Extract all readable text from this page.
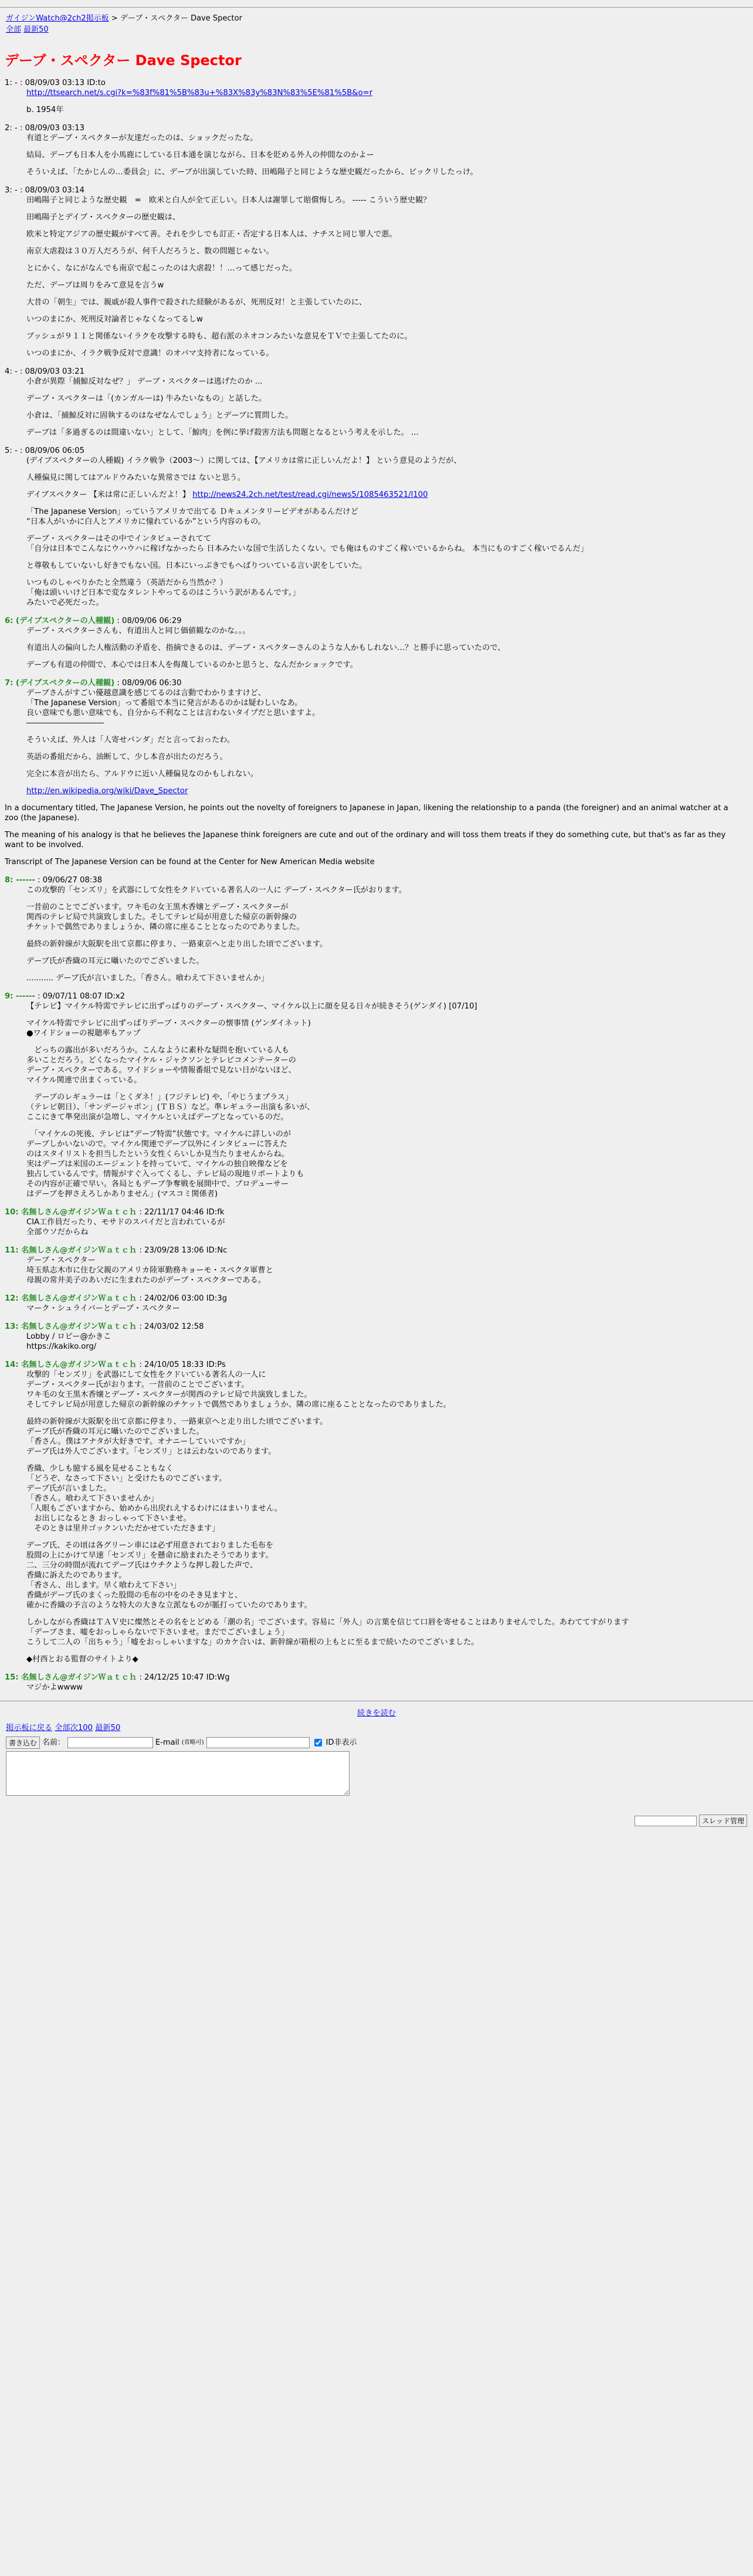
ガイジンWatch@2ch2掲示板 > デーブ・スペクター Dave Spector
全部 最新50
デーブ・スペクター Dave Spector
1: - : 08/09/03 03:13 ID:to
http://ttsearch.net/s.cgi?k=%83f%81%5B%83u+%83X%83y%83N%83%5E%81%5B&o=r
b. 1954年
2: - : 08/09/03 03:13
有道とデーブ・スペクターが友達だったのは、ショックだったな。
結局、デーブも日本人を小馬鹿にしている日本通を演じながら、日本を貶める外人の仲間なのかよー
そういえば、「たかじんの…委員会」に、デーブが出演していた時、田嶋陽子と同じような歴史観だったから、ビックリしたっけ。
3: - : 08/09/03 03:14
田嶋陽子と同じような歴史観　=　欧米と白人が全て正しい。日本人は謝罪して賠償悔しろ。 ----- こういう歴史観？
田嶋陽子とデイブ・スペクターの歴史観は、
欧米と特定アジアの歴史観がすべて善。それを少しでも訂正・否定する日本人は、ナチスと同じ罪人で悪。
南京大虐殺は３０万人だろうが、何千人だろうと、数の問題じゃない。
とにかく、なにがなんでも南京で起こったのは大虐殺！！…って感じだった。
ただ、デーブは周りをみて意見を言うw
大昔の「朝生」では、親戚が殺人事件で殺された経験があるが、死刑反対！と主張していたのに、
いつのまにか、死刑反対論者じゃなくなってるしw
ブッシュが９１１と関係ないイラクを攻撃する時も、超右派のネオコンみたいな意見をＴＶで主張してたのに。
いつのまにか、イラク戦争反対で意識！のオバマ支持者になっている。
4: - : 08/09/03 03:21
小倉が異際「捕鯨反対なぜ？」 デーブ・スペクターは逃げたのか ...
デーブ・スペクターは「(カンガルーは) 牛みたいなもの」と話した。
小倉は、「捕鯨反対に固執するのはなぜなんでしょう」とデーブに質問した。
デーブは「多過ぎるのは間違いない」として、「鯨肉」を例に挙げ殺害方法も問題となるという考えを示した。 ...
5: - : 08/09/06 06:05
(デイブスペクターの人種観) イラク戦争（2003〜）に関しては、【アメリカは常に正しいんだよ！】 という意見のようだが、
人種偏見に関してはアルドウみたいな異常さでは ないと思う。
デイブスペクター 【米は常に正しいんだよ！】 http://news24.2ch.net/test/read.cgi/news5/1085463521/l100
「The Japanese Version」っていうアメリカで出てる Ｄキュメンタリーピデオがあるんだけど
“日本人がいかに白人とアメリカに憧れているか”という内容のもの。
デーブ・スペクターはその中でインタビューされてて
「自分は日本でこんなにウハウハに稼げなかったら 日本みたいな国で生活したくない。でも俺はものすごく稼いでいるからね。 本当にものすごく稼いでるんだ」
と尊敬もしていないし好きでもない国。日本にいっぷきでもへばりついている言い訳をしていた。
いつものしゃべりかたと全然違う（英語だから当然か？）
「俺は頭いいけど日本で変なタレントやってるのはこういう訳があるんです。」
みたいで必死だった。
6: (デイブスペクターの人種観) : 08/09/06 06:29
デーブ・スペクターさんも、有道出人と同じ価値観なのかな。。。
有道出人の偏向した人権活動の矛盾を、指摘できるのは、デーブ・スペクターさんのような人かもしれない…？と勝手に思っていたので、
デーブも有道の仲間で、本心では日本人を侮蔑しているのかと思うと、なんだかショックです。
7: (デイブスペクターの人種観) : 08/09/06 06:30
デーブさんがすごい優越意識を感じてるのは言動でわかりますけど、
「The Japanese Version」って番組で本当に発言があるのかは疑わしいなあ。
良い意味でも悪い意味でも、自分から不利なことは言わないタイプだと思いますよ。
――――――――――
そういえば、外人は「人寄せパンダ」だと言っておったわ。
英語の番組だから、油断して、少し本音が出たのだろう。
完全に本音が出たら、アルドウに近い人種偏見なのかもしれない。
http://en.wikipedia.org/wiki/Dave_Spector
In a documentary titled, The Japanese Version, he points out the novelty of foreigners to Japanese in Japan, likening the relationship to a panda (the foreigner) and an animal watcher at a zoo (the Japanese).
The meaning of his analogy is that he believes the Japanese think foreigners are cute and out of the ordinary and will toss them treats if they do something cute, but that's as far as they want to be involved.
Transcript of The Japanese Version can be found at the Center for New American Media website
8: ------ : 09/06/27 08:38
この攻撃的「センズリ」を武器にして女性をクドいている著名人の一人に デーブ・スペクター氏がおります。
一昔前のことでございます。ワキ毛の女王黒木香嬢とデーブ・スペクターが
関西のテレビ局で共演致しました。そしてテレビ局が用意した帰京の新幹線の
チケットで偶然でありましょうか、隣の席に座ることとなったのでありました。
最終の新幹線が大阪駅を出て京都に停まり、一路東京へと走り出した頃でございます。
デーブ氏が香織の耳元に囁いたのでございました。
........... デーブ氏が言いました。「香さん。喰わえて下さいませんか」
9: ------ : 09/07/11 08:07 ID:x2
【テレビ】マイケル特需でテレビに出ずっぱりのデーブ・スペクター、マイケル以上に顔を見る日々が続きそう(ゲンダイ) [07/10]
マイケル特需でテレビに出ずっぱりデーブ・スペクターの懐事情 (ゲンダイネット)
●ワイドショーの視聴率もアップ
　どっちの露出が多いだろうか。こんなように素朴な疑問を抱いている人も
多いことだろう。どくなったマイケル・ジャクソンとテレビコメンテーターの
デーブ・スペクターである。ワイドショーや情報番組で見ない日がないほど、
マイケル関連で出まくっている。
　デーブのレギュラーは「とくダネ！」(フジテレビ) や、「やじうまプラス」
（テレビ朝日）、「サンデージャポン」(ＴＢＳ）など。準レギュラー出演も多いが、
ここにきて準発出演が急増し、マイケルといえばデーブとなっているのだ。
　「マイケルの死後、テレビは“デーブ特需”状態です。マイケルに詳しいのが
デーブしかいないので。マイケル関連でデーブ以外にインタビューに答えた
のはスタイリストを担当したという女性くらいしか見当たりませんからね。
実はデーブは米国のエージェントを持っていて、マイケルの独自映像などを
独占しているんです。情報がすぐ入ってくるし、テレビ局の現地リポートよりも
その内容が正確で早い。各局ともデーブ争奪戦を展開中で、プロデューサー
はデーブを押さえろしかありません」(マスコミ関係者)
10: 名無しさん@ガイジンＷａｔｃｈ : 22/11/17 04:46 ID:fk
CIA工作員だったり、モサドのスパイだと言われているが
全部ウソだからね
11: 名無しさん@ガイジンＷａｔｃｈ : 23/09/28 13:06 ID:Nc
デーブ・スペクター
埼玉県志木市に住む父親のアメリカ陸軍勤務キョーモ・スペクタ軍曹と
母親の常井美子のあいだに生まれたのがデーブ・スペクターである。
12: 名無しさん@ガイジンＷａｔｃｈ : 24/02/06 03:00 ID:3g
マーク・シュライバーとデーブ・スペクター
13: 名無しさん@ガイジンＷａｔｃｈ : 24/03/02 12:58
Lobby / ロビー@かきこ
https://kakiko.org/
14: 名無しさん@ガイジンＷａｔｃｈ : 24/10/05 18:33 ID:Ps
攻撃的「センズリ」を武器にして女性をクドいている著名人の一人に
デーブ・スペクター氏がおります。一昔前のことでございます。
ワキ毛の女王黒木香嬢とデーブ・スペクターが関西のテレビ局で共演致しました。
そしてテレビ局が用意した帰京の新幹線のチケットで偶然でありましょうか、隣の席に座ることとなったのでありました。
最終の新幹線が大阪駅を出て京都に停まり、一路東京へと走り出した頃でございます。
デーブ氏が香織の耳元に囁いたのでございました。
「香さん。僕はアナタが大好きです。オナニーしていいですか」
デーブ氏は外人でございます。「センズリ」とは云わないのであります。
香織、少しも臆する風を見せることもなく
「どうぞ、なさって下さい」と受けたものでございます。
デーブ氏が言いました。
「香さん。喰わえて下さいませんか」
「人眼もございますから、始めから出戻れえするわけにはまいりません。
　お出しになるとき おっしゃって下さいませ。
　そのときは里井ゴックンいただかせていただきます」
デーブ氏、その頃は各グリーン車には必ず用意されておりました毛布を
股間の上にかけて早速「センズリ」を懸命に励まれたそうであります。
二、三分の時間が流れてデーブ氏はウチクような押し殺した声で、
香織に訴えたのであります。
「香さん、出します。早く喰わえて下さい」
香織がデーブ氏のまくった股間の毛布の中をのそき見ますと、
確かに香織の予言のような特大の大きな立派なものが脈打っていたのであります。
しかしながら香織はＴＡＶ史に燦然とその名をとどめる「潮の名」でございます。容易に「外人」の言葉を信じて口唇を寄せることはありませんでした。あわててすがります
「デーブさま、嘘をおっしゃらないで下さいませ。まだでございましょう」
こうして二人の「出ちゃう」「嘘をおっしゃいますな」のカケ合いは、新幹線が箱根の上もとに至るまで続いたのでございました。
◆村西とおる監督のサイトより◆
15: 名無しさん@ガイジンＷａｔｃｈ : 24/12/25 10:47 ID:Wg
マジかよwwww
続きを読む
掲示板に戻る 全部次100 最新50
書き込む 名前：	E-mail (省略可)	ID非表示
スレッド管理
